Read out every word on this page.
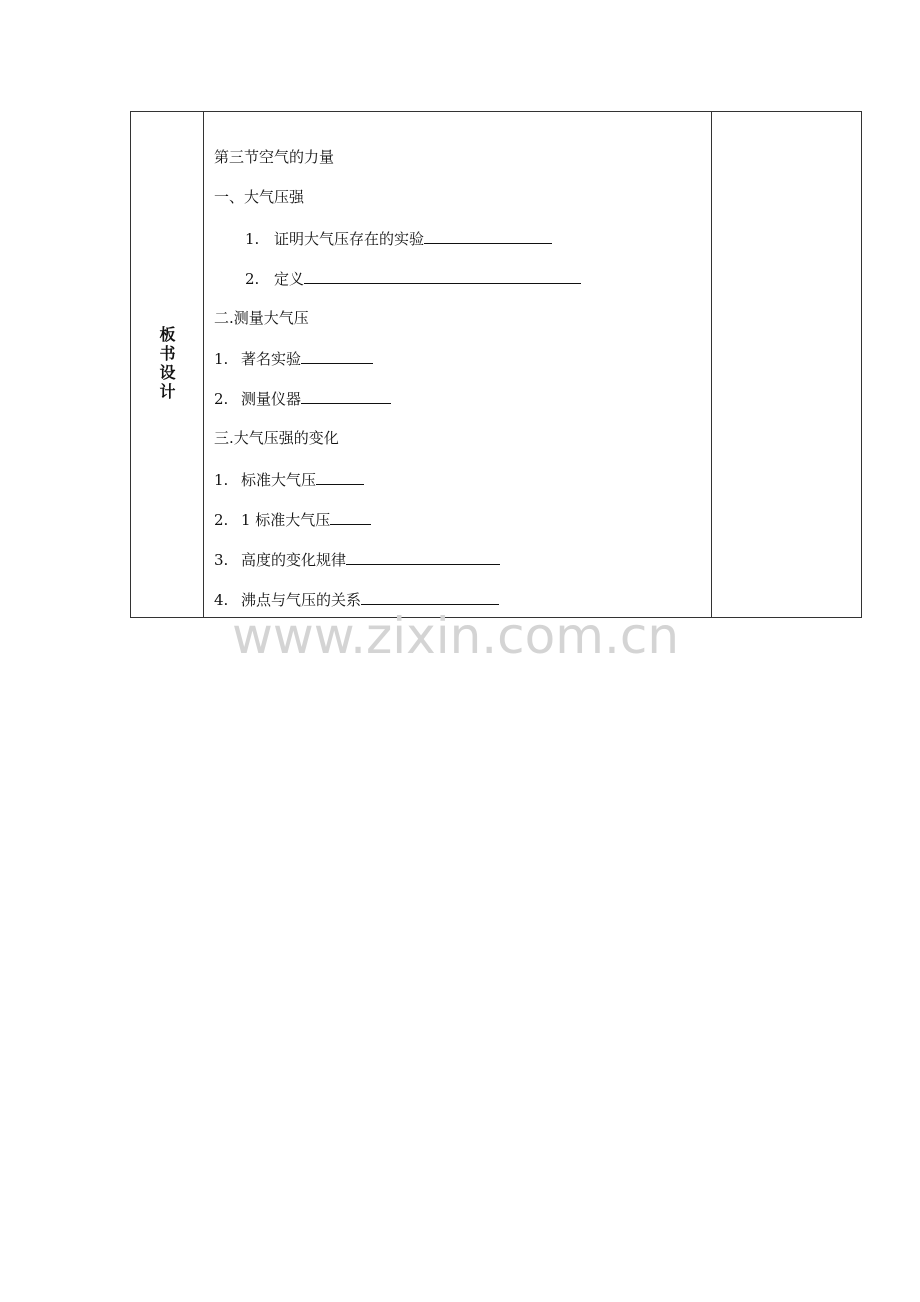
板
书
设
计
第三节空气的力量
一、大气压强
1. 证明大气压存在的实验
2. 定义
二.测量大气压
1. 著名实验
2. 测量仪器
三.大气压强的变化
1. 标准大气压
2. 1 标准大气压
3. 高度的变化规律
4. 沸点与气压的关系
www.zixin.com.cn
